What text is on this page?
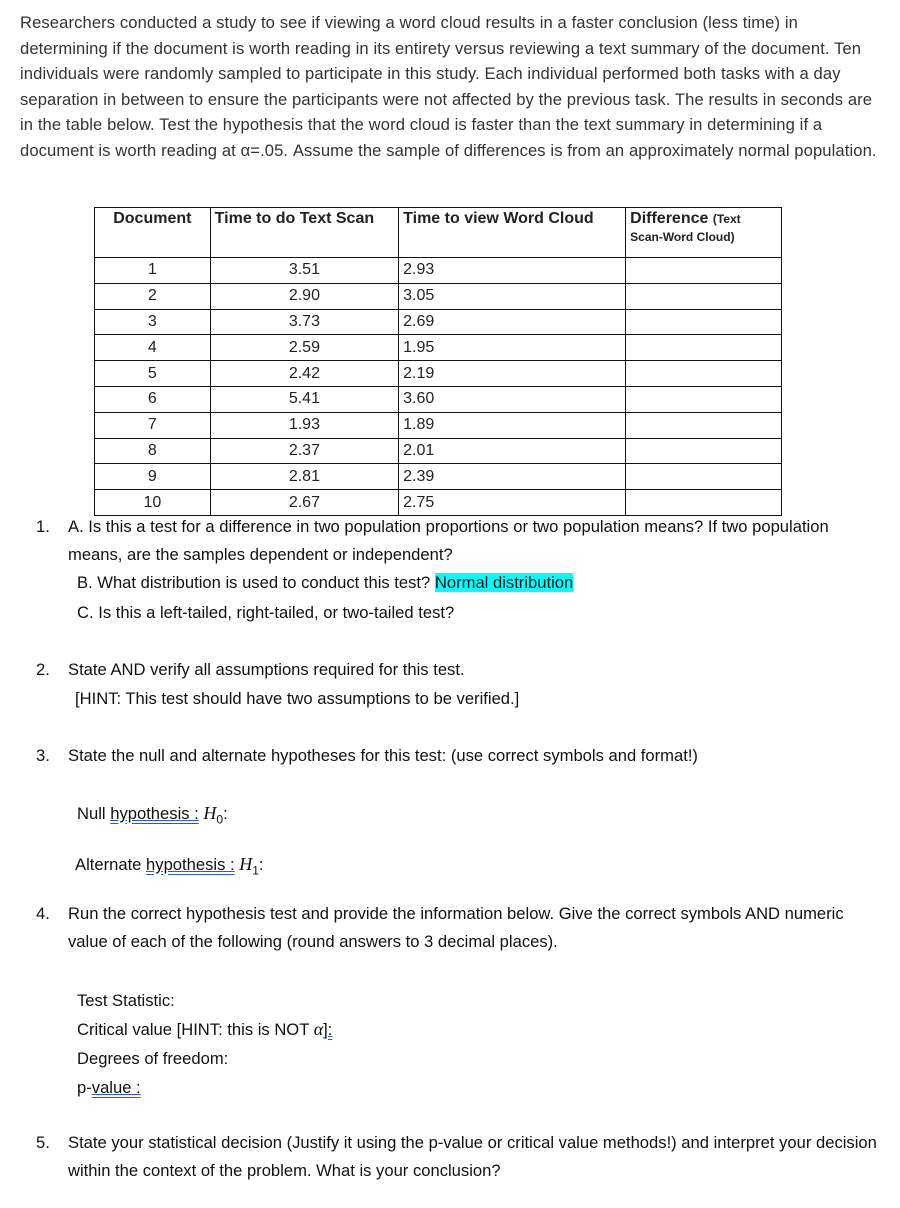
Researchers conducted a study to see if viewing a word cloud results in a faster conclusion (less time) in determining if the document is worth reading in its entirety versus reviewing a text summary of the document. Ten individuals were randomly sampled to participate in this study. Each individual performed both tasks with a day separation in between to ensure the participants were not affected by the previous task. The results in seconds are in the table below. Test the hypothesis that the word cloud is faster than the text summary in determining if a document is worth reading at α=.05. Assume the sample of differences is from an approximately normal population.
Document	Time to do Text Scan	Time to view Word Cloud	Difference (Text
Scan-Word Cloud)

1	3.51	2.93	
2	2.90	3.05	
3	3.73	2.69	
4	2.59	1.95	
5	2.42	2.19	
6	5.41	3.60	
7	1.93	1.89	
8	2.37	2.01	
9	2.81	2.39	
10	2.67	2.75	
1. A. Is this a test for a difference in two population proportions or two population means? If two population means, are the samples dependent or independent?
B. What distribution is used to conduct this test? Normal distribution
C. Is this a left-tailed, right-tailed, or two-tailed test?
2. State AND verify all assumptions required for this test.
[HINT: This test should have two assumptions to be verified.]
3. State the null and alternate hypotheses for this test: (use correct symbols and format!)
Null hypothesis : $H_0$:
Alternate hypothesis : $H_1$:
4. Run the correct hypothesis test and provide the information below. Give the correct symbols AND numeric value of each of the following (round answers to 3 decimal places).
Test Statistic:
Critical value [HINT: this is NOT α]:
Degrees of freedom:
p-value :
5. State your statistical decision (Justify it using the p-value or critical value methods!) and interpret your decision within the context of the problem. What is your conclusion?
